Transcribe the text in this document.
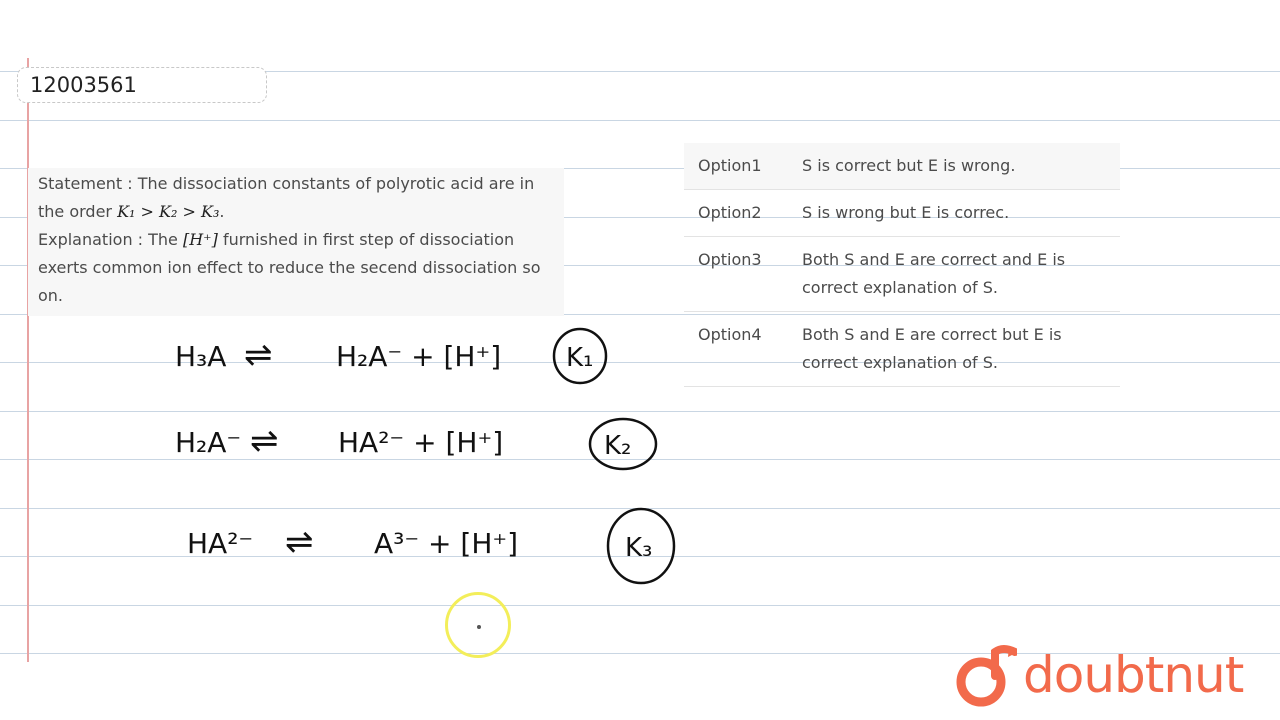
12003561
Statement : The dissociation constants of polyrotic acid are in the order K₁ > K₂ > K₃.
Explanation : The [H⁺] furnished in first step of dissociation exerts common ion effect to reduce the secend dissociation so on.
Option1	S is correct but E is wrong.
Option2	S is wrong but E is correc.
Option3	Both S and E are correct and E is correct explanation of S.
Option4	Both S and E are correct but E is correct explanation of S.
H₃A ⇌ H₂A⁻ + [H⁺] K₁
H₂A⁻ ⇌ HA²⁻ + [H⁺]	K₂
HA²⁻ ⇌ A³⁻ + [H⁺]	K₃
doubtnut
